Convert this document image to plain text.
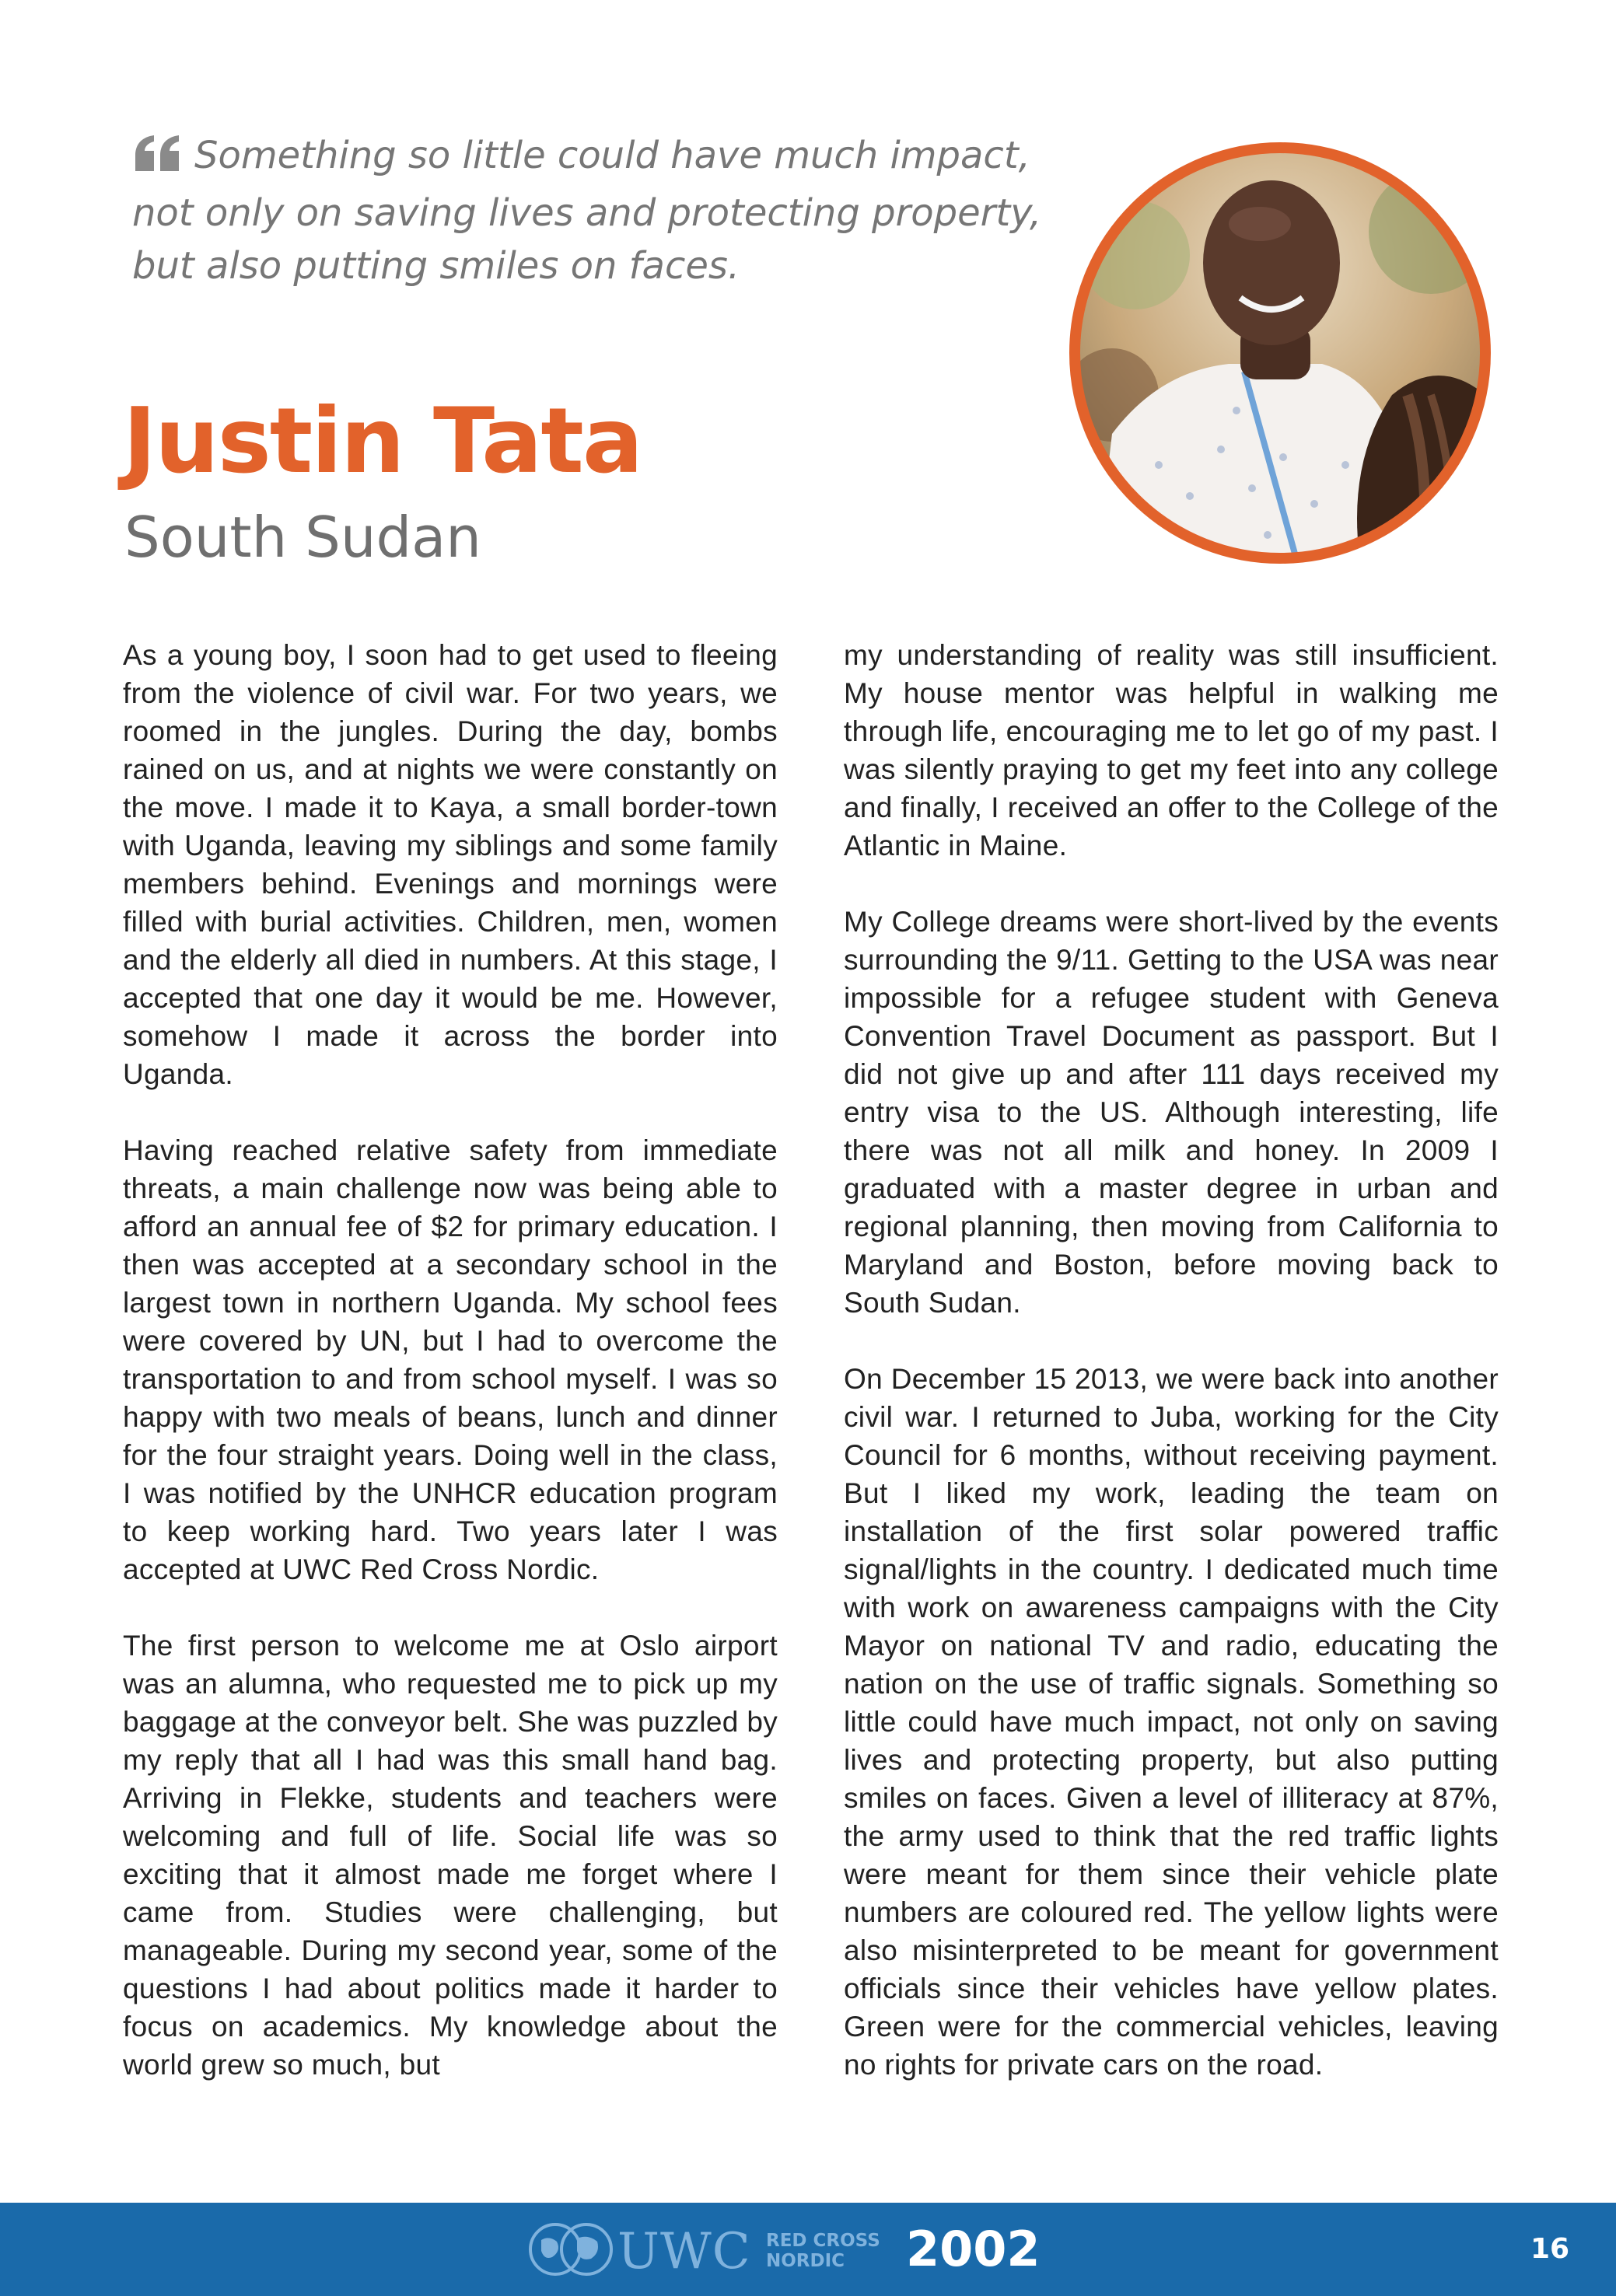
Something so little could have much impact, not only on saving lives and protecting property, but also putting smiles on faces.
Justin Tata
South Sudan

As a young boy, I soon had to get used to fleeing from the violence of civil war. For two years, we roomed in the jungles. During the day, bombs rained on us, and at nights we were constantly on the move. I made it to Kaya, a small border-town with Uganda, leaving my siblings and some family members behind. Evenings and mornings were filled with burial activities. Children, men, women and the elderly all died in numbers. At this stage, I accepted that one day it would be me. However, somehow I made it across the border into Uganda.

Having reached relative safety from immediate threats, a main challenge now was being able to afford an annual fee of $2 for primary education. I then was accepted at a secondary school in the largest town in northern Uganda. My school fees were covered by UN, but I had to overcome the transportation to and from school myself. I was so happy with two meals of beans, lunch and dinner for the four straight years. Doing well in the class, I was notified by the UNHCR education program to keep working hard. Two years later I was accepted at UWC Red Cross Nordic.

The first person to welcome me at Oslo airport was an alumna, who requested me to pick up my baggage at the conveyor belt. She was puzzled by my reply that all I had was this small hand bag. Arriving in Flekke, students and teachers were welcoming and full of life. Social life was so exciting that it almost made me forget where I came from. Studies were challenging, but manageable. During my second year, some of the questions I had about politics made it harder to focus on academics. My knowledge about the world grew so much, but

my understanding of reality was still insufficient. My house mentor was helpful in walking me through life, encouraging me to let go of my past. I was silently praying to get my feet into any college and finally, I received an offer to the College of the Atlantic in Maine.

My College dreams were short-lived by the events surrounding the 9/11. Getting to the USA was near impossible for a refugee student with Geneva Convention Travel Document as passport. But I did not give up and after 111 days received my entry visa to the US. Although interesting, life there was not all milk and honey. In 2009 I graduated with a master degree in urban and regional planning, then moving from California to Maryland and Boston, before moving back to South Sudan.

On December 15 2013, we were back into another civil war. I returned to Juba, working for the City Council for 6 months, without receiving payment. But I liked my work, leading the team on installation of the first solar powered traffic signal/lights in the country. I dedicated much time with work on awareness campaigns with the City Mayor on national TV and radio, educating the nation on the use of traffic signals. Something so little could have much impact, not only on saving lives and protecting property, but also putting smiles on faces. Given a level of illiteracy at 87%, the army used to think that the red traffic lights were meant for them since their vehicle plate numbers are coloured red. The yellow lights were also misinterpreted to be meant for government officials since their vehicles have yellow plates. Green were for the commercial vehicles, leaving no rights for private cars on the road.

UWC RED CROSS
NORDIC	2002	16
